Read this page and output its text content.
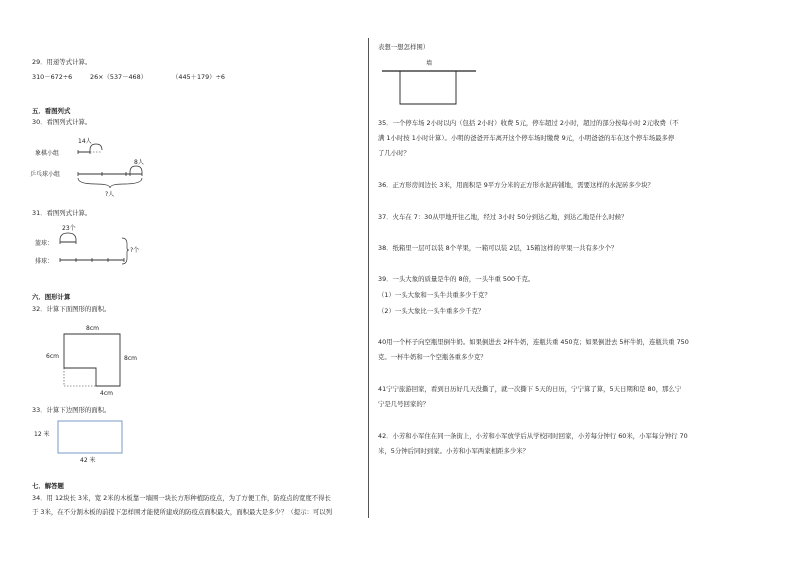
29．用递等式计算。
310－672÷6	26×（537－468）	（445＋179）÷6
五．看图列式
30．看图列式计算。
14人
象棋小组
8人
乒乓球小组
?人
31．看图列式计算。
23个
篮球：
排球：
?个
六．图形计算
32．计算下面图形的面积。
8cm
6cm	8cm
4cm
33．计算下边图形的面积。
12 米
42 米
七．解答题
34．用 12块长 3米，宽 2米的木板靠一墙围一块长方形种植防疫点，为了方便工作，防疫点的宽度不得长
于 3米，在不分割木板的前提下怎样围才能使所建成的防疫点面积最大，面积最大是多少？（提示：可以列
表想一想怎样围）
墙
35．一个停车场 2小时以内（包括 2小时）收费 5元，停车超过 2小时，超过的部分按每小时 2元收费（不
满 1小时按 1小时计算）。小明的爸爸开车离开这个停车场时缴费 9元，小明爸爸的车在这个停车场最多停
了几小时？
36．正方形房间边长 3米，用面积是 9平方分米的正方形水泥砖铺地，需要这样的水泥砖多少块？
37．火车在 7：30从甲地开往乙地，经过 3小时 50分到达乙地，到达乙地是什么时候？
38．纸箱里一层可以装 8个苹果，一箱可以装 2层，15箱这样的苹果一共有多少个？
39．一头大象的质量是牛的 8倍，一头牛重 500千克。
（1）一头大象和一头牛共重多少千克？
（2）一头大象比一头牛重多少千克？
40用一个杯子向空瓶里倒牛奶。如果倒进去 2杯牛奶，连瓶共重 450克；如果倒进去 5杯牛奶，连瓶共重 750
克。一杯牛奶和一个空瓶各重多少克？
41宁宁旅游回家，看到日历好几天没撕了，就一次撕下 5天的日历，宁宁算了算，5天日期和是 80，那么宁
宁是几号回家的？
42．小芳和小军住在同一条街上，小芳和小军放学后从学校同时回家，小芳每分钟行 60米，小军每分钟行 70
米，5分钟后同时到家。小芳和小军两家相距多少米？
